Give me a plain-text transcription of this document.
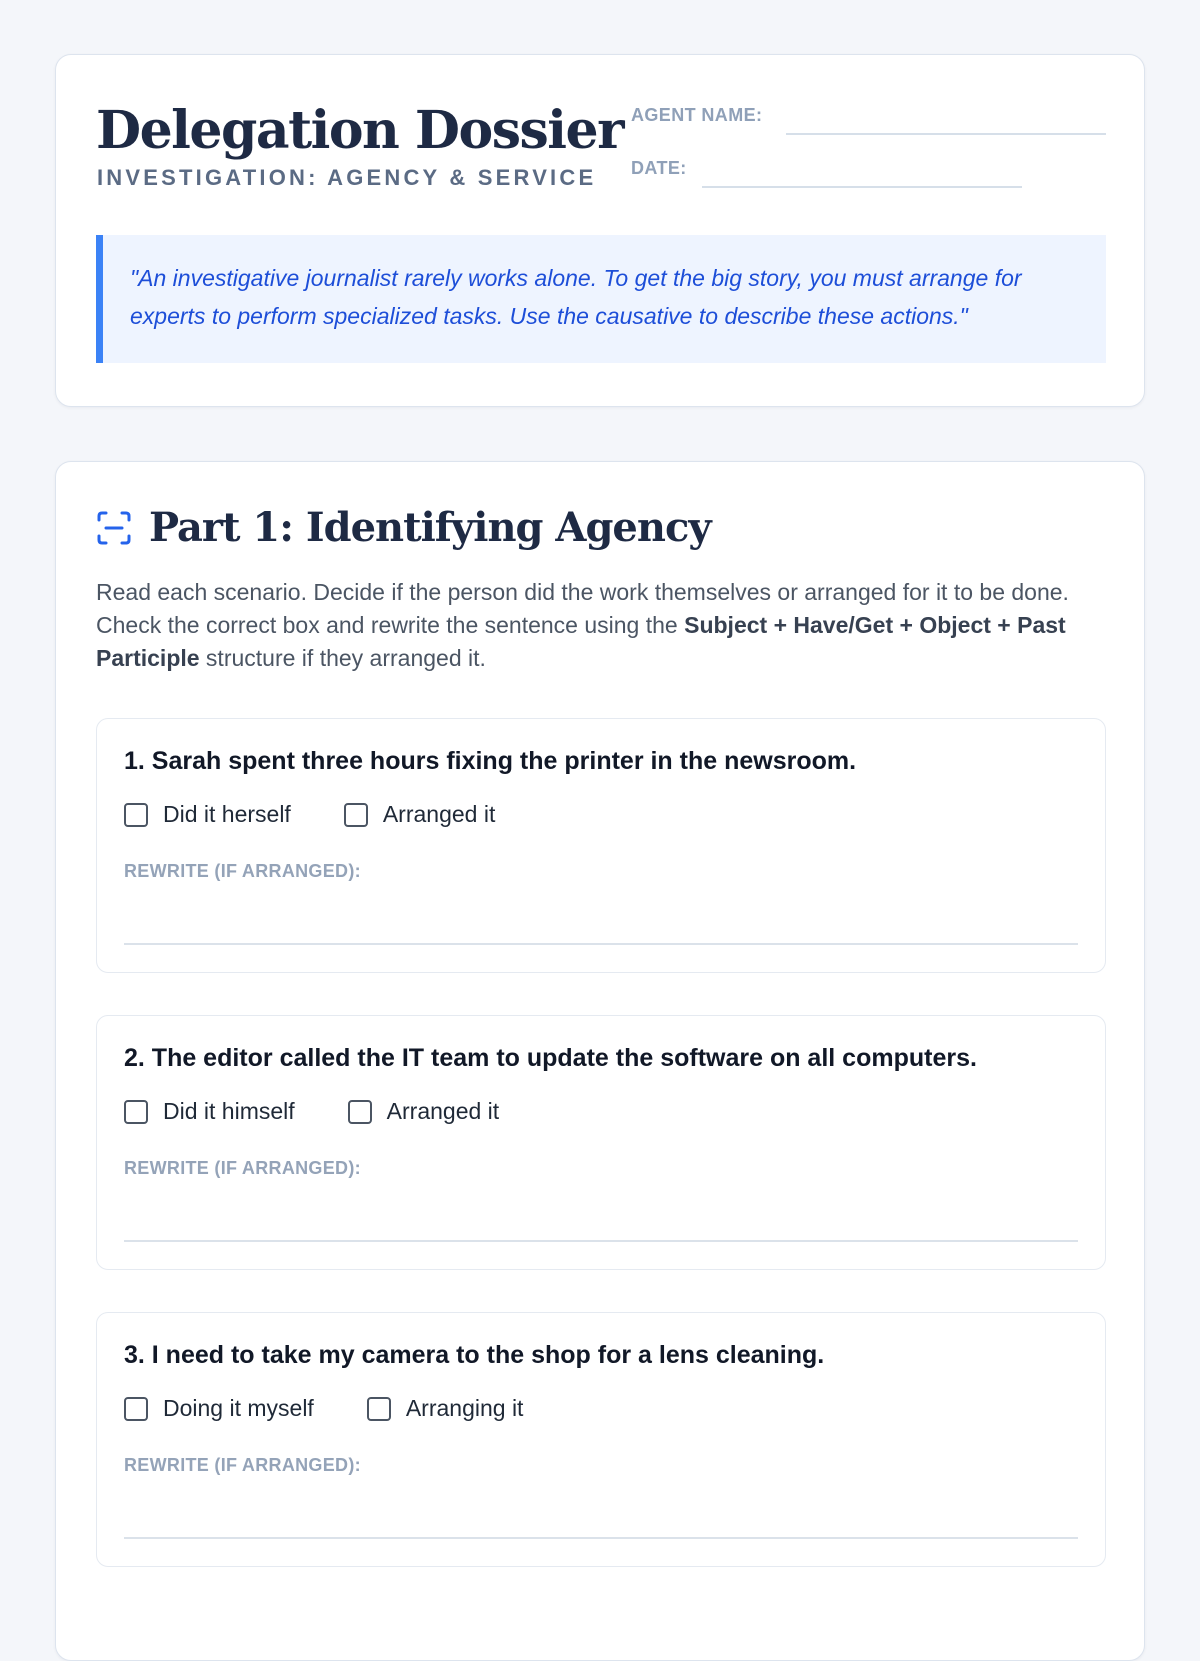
Delegation Dossier
INVESTIGATION: AGENCY & SERVICE
AGENT NAME:
DATE:
"An investigative journalist rarely works alone. To get the big story, you must arrange for experts to perform specialized tasks. Use the causative to describe these actions."
Part 1: Identifying Agency

Read each scenario. Decide if the person did the work themselves or arranged for it to be done. Check the correct box and rewrite the sentence using the Subject + Have/Get + Object + Past Participle structure if they arranged it.

1. Sarah spent three hours fixing the printer in the newsroom.

Did it herself	Arranged it
REWRITE (IF ARRANGED):

2. The editor called the IT team to update the software on all computers.

Did it himself	Arranged it
REWRITE (IF ARRANGED):

3. I need to take my camera to the shop for a lens cleaning.

Doing it myself	Arranging it
REWRITE (IF ARRANGED):
